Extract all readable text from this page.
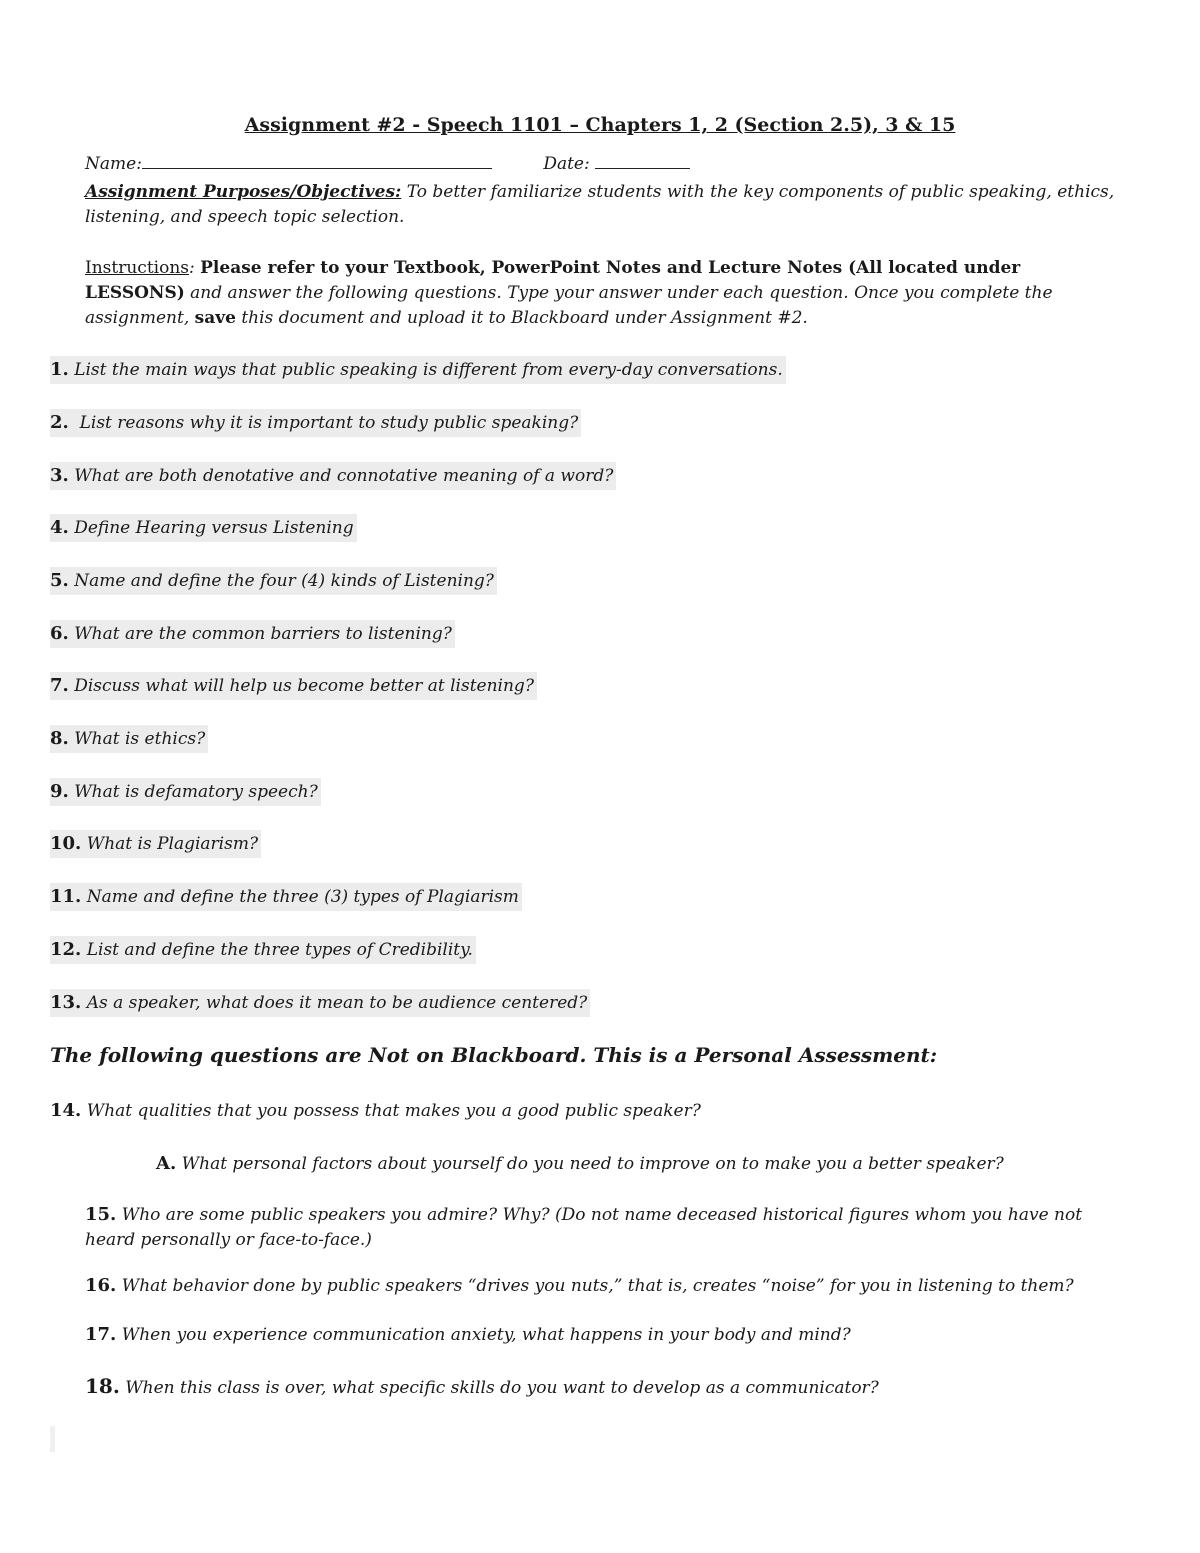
Assignment #2 - Speech 1101 – Chapters 1, 2 (Section 2.5), 3 & 15
Name:	Date:
Assignment Purposes/Objectives: To better familiarize students with the key components of public speaking, ethics, listening, and speech topic selection.
Instructions: Please refer to your Textbook, PowerPoint Notes and Lecture Notes (All located under LESSONS) and answer the following questions. Type your answer under each question. Once you complete the assignment, save this document and upload it to Blackboard under Assignment #2.
1. List the main ways that public speaking is different from every-day conversations.
2. List reasons why it is important to study public speaking?
3. What are both denotative and connotative meaning of a word?
4. Define Hearing versus Listening
5. Name and define the four (4) kinds of Listening?
6. What are the common barriers to listening?
7. Discuss what will help us become better at listening?
8. What is ethics?
9. What is defamatory speech?
10. What is Plagiarism?
11. Name and define the three (3) types of Plagiarism
12. List and define the three types of Credibility.
13. As a speaker, what does it mean to be audience centered?
The following questions are Not on Blackboard. This is a Personal Assessment:
14. What qualities that you possess that makes you a good public speaker?
A. What personal factors about yourself do you need to improve on to make you a better speaker?
15. Who are some public speakers you admire? Why? (Do not name deceased historical figures whom you have not heard personally or face-to-face.)
16. What behavior done by public speakers “drives you nuts,” that is, creates “noise” for you in listening to them?
17. When you experience communication anxiety, what happens in your body and mind?
18. When this class is over, what specific skills do you want to develop as a communicator?
